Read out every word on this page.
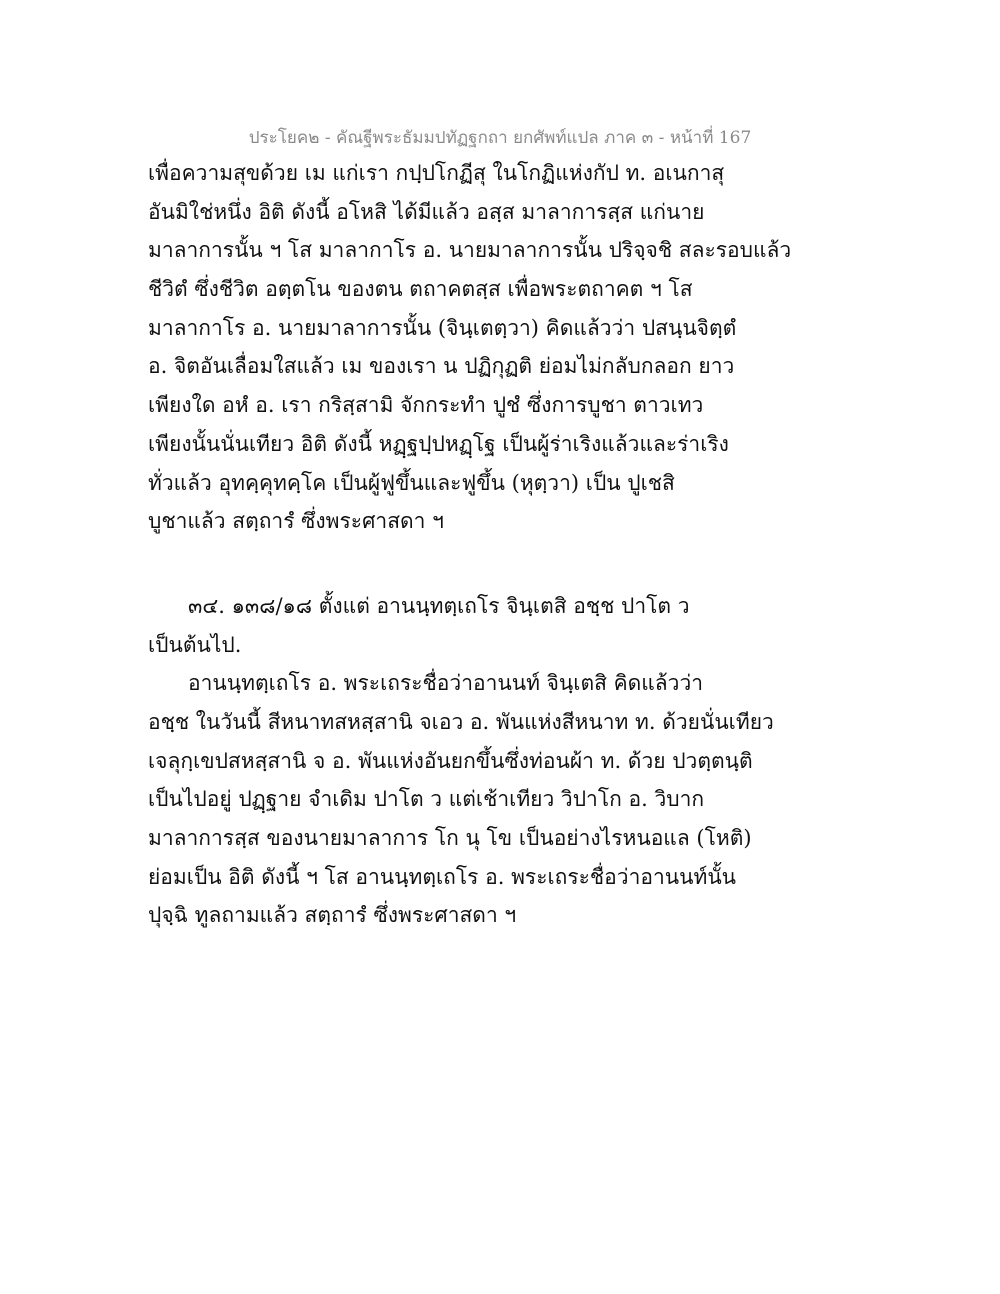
ประโยค๒ - คัณฐีพระธัมมปทัฏฐกถา ยกศัพท์แปล ภาค ๓ - หน้าที่ 167
เพื่อความสุขด้วย เม แก่เรา กปฺปโกฏีสุ ในโกฏิแห่งกัป ท. อเนกาสุ
อันมิใช่หนึ่ง อิติ ดังนี้ อโหสิ ได้มีแล้ว อสฺส มาลาการสฺส แก่นาย
มาลาการนั้น ฯ โส มาลากาโร อ. นายมาลาการนั้น ปริจฺจชิ สละรอบแล้ว
ชีวิตํ ซึ่งชีวิต อตฺตโน ของตน ตถาคตสฺส เพื่อพระตถาคต ฯ โส
มาลากาโร อ. นายมาลาการนั้น (จินฺเตตฺวา) คิดแล้วว่า ปสนฺนจิตฺตํ
อ. จิตอันเลื่อมใสแล้ว เม ของเรา น ปฏิกุฏติ ย่อมไม่กลับกลอก ยาว
เพียงใด อหํ อ. เรา กริสฺสามิ จักกระทำ ปูชํ ซึ่งการบูชา ตาวเทว
เพียงนั้นนั่นเทียว อิติ ดังนี้ หฏฺฐปฺปหฏฺโฐ เป็นผู้ร่าเริงแล้วและร่าเริง
ทั่วแล้ว อุทคฺคุทคฺโค เป็นผู้ฟูขึ้นและฟูขึ้น (หุตฺวา) เป็น ปูเชสิ
บูชาแล้ว สตฺถารํ ซึ่งพระศาสดา ฯ
๓๔. ๑๓๘/๑๘ ตั้งแต่ อานนฺทตฺเถโร จินฺเตสิ อชฺช ปาโต ว
เป็นต้นไป.
อานนฺทตฺเถโร อ. พระเถระชื่อว่าอานนท์ จินฺเตสิ คิดแล้วว่า
อชฺช ในวันนี้ สีหนาทสหสฺสานิ จเอว อ. พันแห่งสีหนาท ท. ด้วยนั่นเทียว
เจลุกฺเขปสหสฺสานิ จ อ. พันแห่งอันยกขึ้นซึ่งท่อนผ้า ท. ด้วย ปวตฺตนฺติ
เป็นไปอยู่ ปฏฺฐาย จำเดิม ปาโต ว แต่เช้าเทียว วิปาโก อ. วิบาก
มาลาการสฺส ของนายมาลาการ โก นุ โข เป็นอย่างไรหนอแล (โหติ)
ย่อมเป็น อิติ ดังนี้ ฯ โส อานนฺทตฺเถโร อ. พระเถระชื่อว่าอานนท์นั้น
ปุจฺฉิ ทูลถามแล้ว สตฺถารํ ซึ่งพระศาสดา ฯ
